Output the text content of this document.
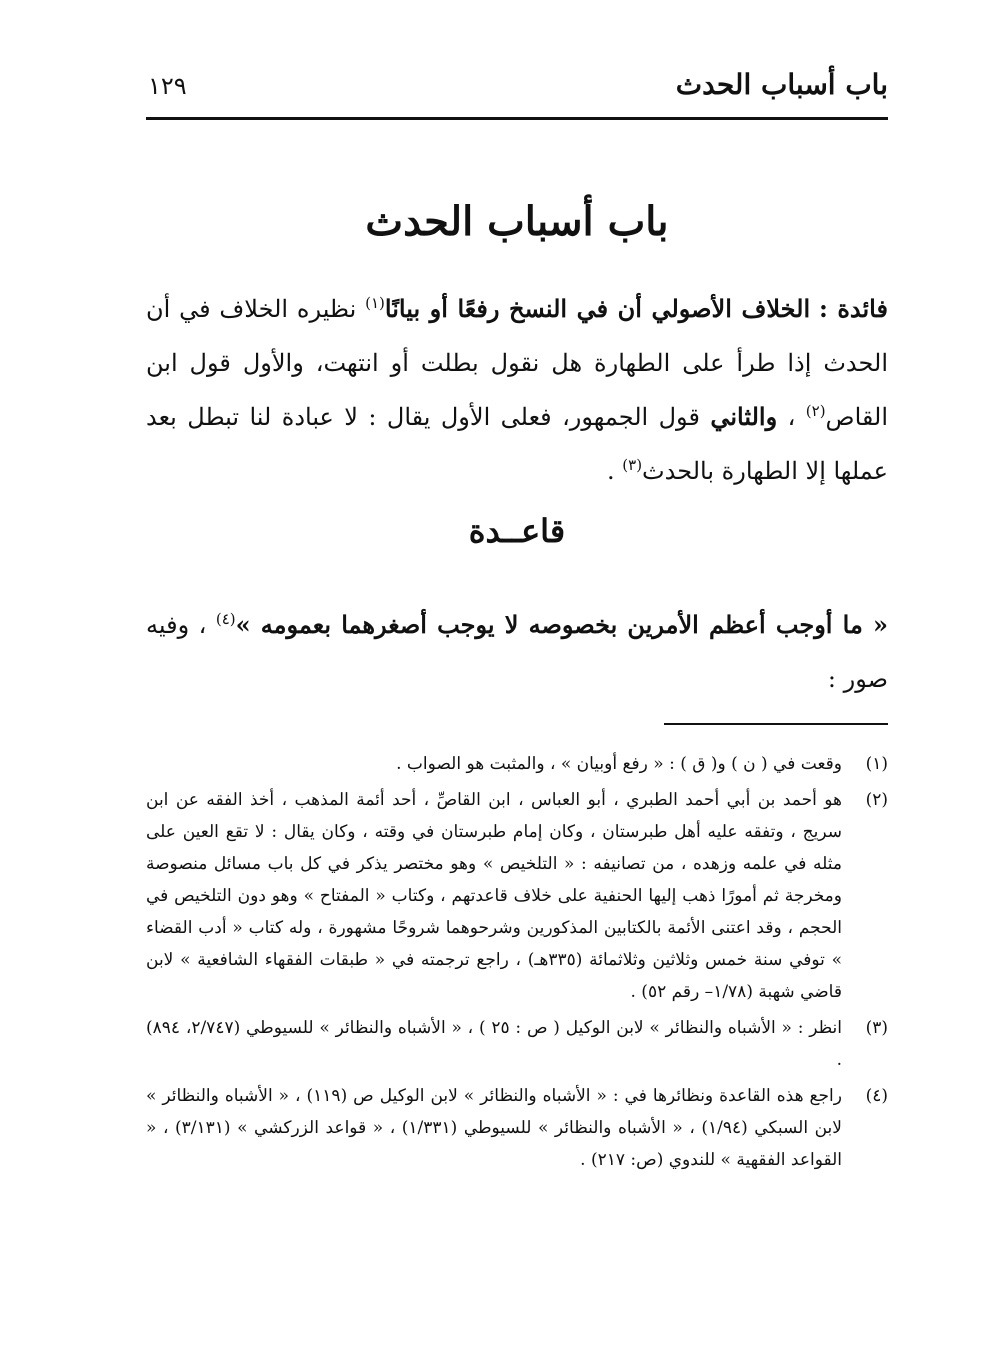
باب أسباب الحدث
١٢٩
باب أسباب الحدث
فائدة : الخلاف الأصولي أن في النسخ رفعًا أو بيانًا$^{(١)}$ نظيره الخلاف في أن الحدث إذا طرأ على الطهارة هل نقول بطلت أو انتهت، والأول قول ابن القاص$^{(٢)}$ ، والثاني قول الجمهور، فعلى الأول يقال : لا عبادة لنا تبطل بعد عملها إلا الطهارة بالحدث$^{(٣)}$ .
قاعــدة
« ما أوجب أعظم الأمرين بخصوصه لا يوجب أصغرهما بعمومه »$^{(٤)}$ ، وفيه صور :
(١)
وقعت في ( ن ) و( ق ) : « رفع أوبيان » ، والمثبت هو الصواب .
(٢)
هو أحمد بن أبي أحمد الطبري ، أبو العباس ، ابن القاصِّ ، أحد أئمة المذهب ، أخذ الفقه عن ابن سريج ، وتفقه عليه أهل طبرستان ، وكان إمام طبرستان في وقته ، وكان يقال : لا تقع العين على مثله في علمه وزهده ، من تصانيفه : « التلخيص » وهو مختصر يذكر في كل باب مسائل منصوصة ومخرجة ثم أمورًا ذهب إليها الحنفية على خلاف قاعدتهم ، وكتاب « المفتاح » وهو دون التلخيص في الحجم ، وقد اعتنى الأئمة بالكتابين المذكورين وشرحوهما شروحًا مشهورة ، وله كتاب « أدب القضاء » توفي سنة خمس وثلاثين وثلاثمائة (٣٣٥هـ) ، راجع ترجمته في « طبقات الفقهاء الشافعية » لابن قاضي شهبة (١/٧٨– رقم ٥٢) .
(٣)
انظر : « الأشباه والنظائر » لابن الوكيل ( ص : ٢٥ ) ، « الأشباه والنظائر » للسيوطي (٢/٧٤٧، ٨٩٤) .
(٤)
راجع هذه القاعدة ونظائرها في : « الأشباه والنظائر » لابن الوكيل ص (١١٩) ، « الأشباه والنظائر » لابن السبكي (١/٩٤) ، « الأشباه والنظائر » للسيوطي (١/٣٣١) ، « قواعد الزركشي » (٣/١٣١) ، « القواعد الفقهية » للندوي (ص: ٢١٧) .
